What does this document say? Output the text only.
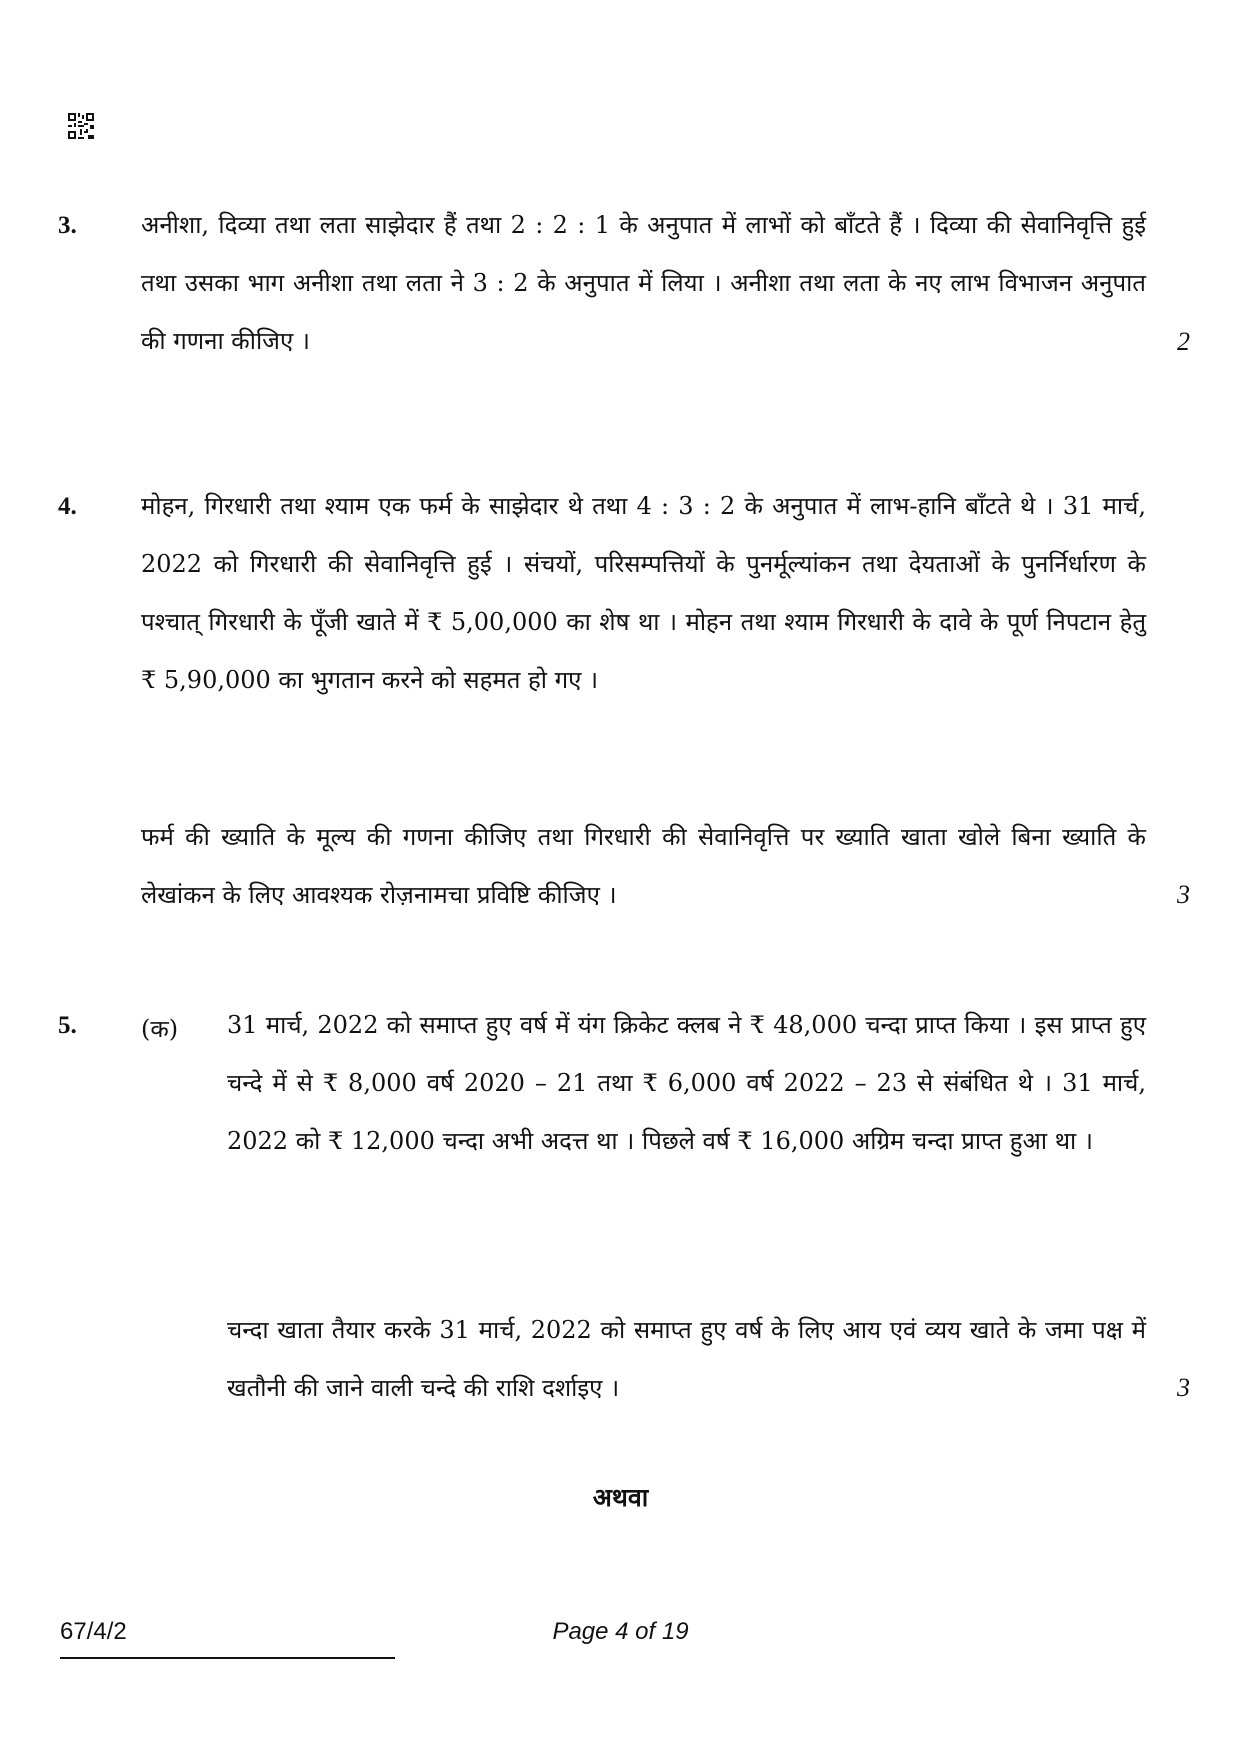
3.	अनीशा, दिव्या तथा लता साझेदार हैं तथा 2 : 2 : 1 के अनुपात में लाभों को बाँटते हैं । दिव्या की सेवानिवृत्ति हुई तथा उसका भाग अनीशा तथा लता ने 3 : 2 के अनुपात में लिया । अनीशा तथा लता के नए लाभ विभाजन अनुपात की गणना कीजिए ।	2
4.	मोहन, गिरधारी तथा श्याम एक फर्म के साझेदार थे तथा 4 : 3 : 2 के अनुपात में लाभ-हानि बाँटते थे । 31 मार्च, 2022 को गिरधारी की सेवानिवृत्ति हुई । संचयों, परिसम्पत्तियों के पुनर्मूल्यांकन तथा देयताओं के पुनर्निर्धारण के पश्चात् गिरधारी के पूँजी खाते में ₹ 5,00,000 का शेष था । मोहन तथा श्याम गिरधारी के दावे के पूर्ण निपटान हेतु ₹ 5,90,000 का भुगतान करने को सहमत हो गए ।

फर्म की ख्याति के मूल्य की गणना कीजिए तथा गिरधारी की सेवानिवृत्ति पर ख्याति खाता खोले बिना ख्याति के लेखांकन के लिए आवश्यक रोज़नामचा प्रविष्टि कीजिए ।	3
5.	(क) 31 मार्च, 2022 को समाप्त हुए वर्ष में यंग क्रिकेट क्लब ने ₹ 48,000 चन्दा प्राप्त किया । इस प्राप्त हुए चन्दे में से ₹ 8,000 वर्ष 2020 – 21 तथा ₹ 6,000 वर्ष 2022 – 23 से संबंधित थे । 31 मार्च, 2022 को ₹ 12,000 चन्दा अभी अदत्त था । पिछले वर्ष ₹ 16,000 अग्रिम चन्दा प्राप्त हुआ था ।

चन्दा खाता तैयार करके 31 मार्च, 2022 को समाप्त हुए वर्ष के लिए आय एवं व्यय खाते के जमा पक्ष में खतौनी की जाने वाली चन्दे की राशि दर्शाइए ।	3
अथवा
67/4/2	Page 4 of 19
